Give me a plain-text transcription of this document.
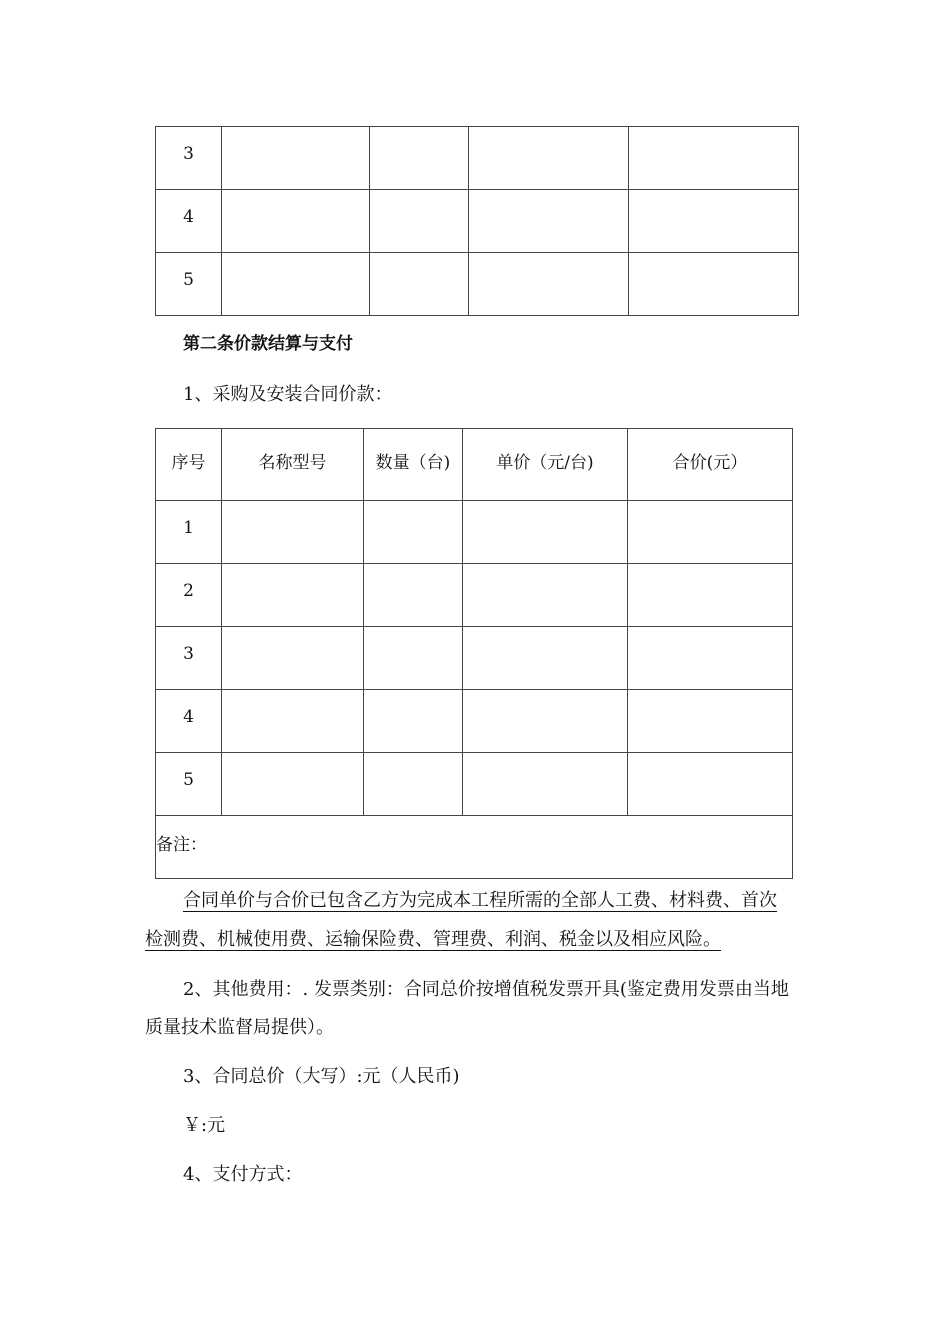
3				
4				
5				
第二条价款结算与支付
1、采购及安装合同价款：
序号	名称型号	数量（台)	单价（元/台)	合价(元）
1				
2				
3				
4				
5				
备注：				
合同单价与合价已包含乙方为完成本工程所需的全部人工费、材料费、首次
检测费、机械使用费、运输保险费、管理费、利润、税金以及相应风险。
2、其他费用：. 发票类别：合同总价按增值税发票开具(鉴定费用发票由当地
质量技术监督局提供）。
3、合同总价（大写）:元（人民币)
￥:元
4、支付方式：
